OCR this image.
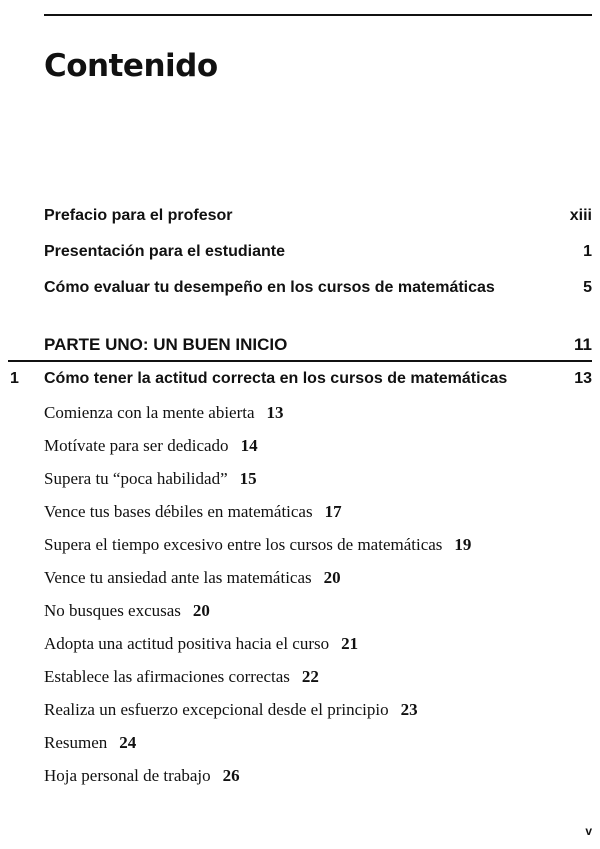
Contenido
Prefacio para el profesor	xiii
Presentación para el estudiante	1
Cómo evaluar tu desempeño en los cursos de matemáticas	5
PARTE UNO: UN BUEN INICIO	11
1	Cómo tener la actitud correcta en los cursos de matemáticas	13
Comienza con la mente abierta 13
Motívate para ser dedicado 14
Supera tu “poca habilidad” 15
Vence tus bases débiles en matemáticas 17
Supera el tiempo excesivo entre los cursos de matemáticas 19
Vence tu ansiedad ante las matemáticas 20
No busques excusas 20
Adopta una actitud positiva hacia el curso 21
Establece las afirmaciones correctas 22
Realiza un esfuerzo excepcional desde el principio 23
Resumen 24
Hoja personal de trabajo 26
v
